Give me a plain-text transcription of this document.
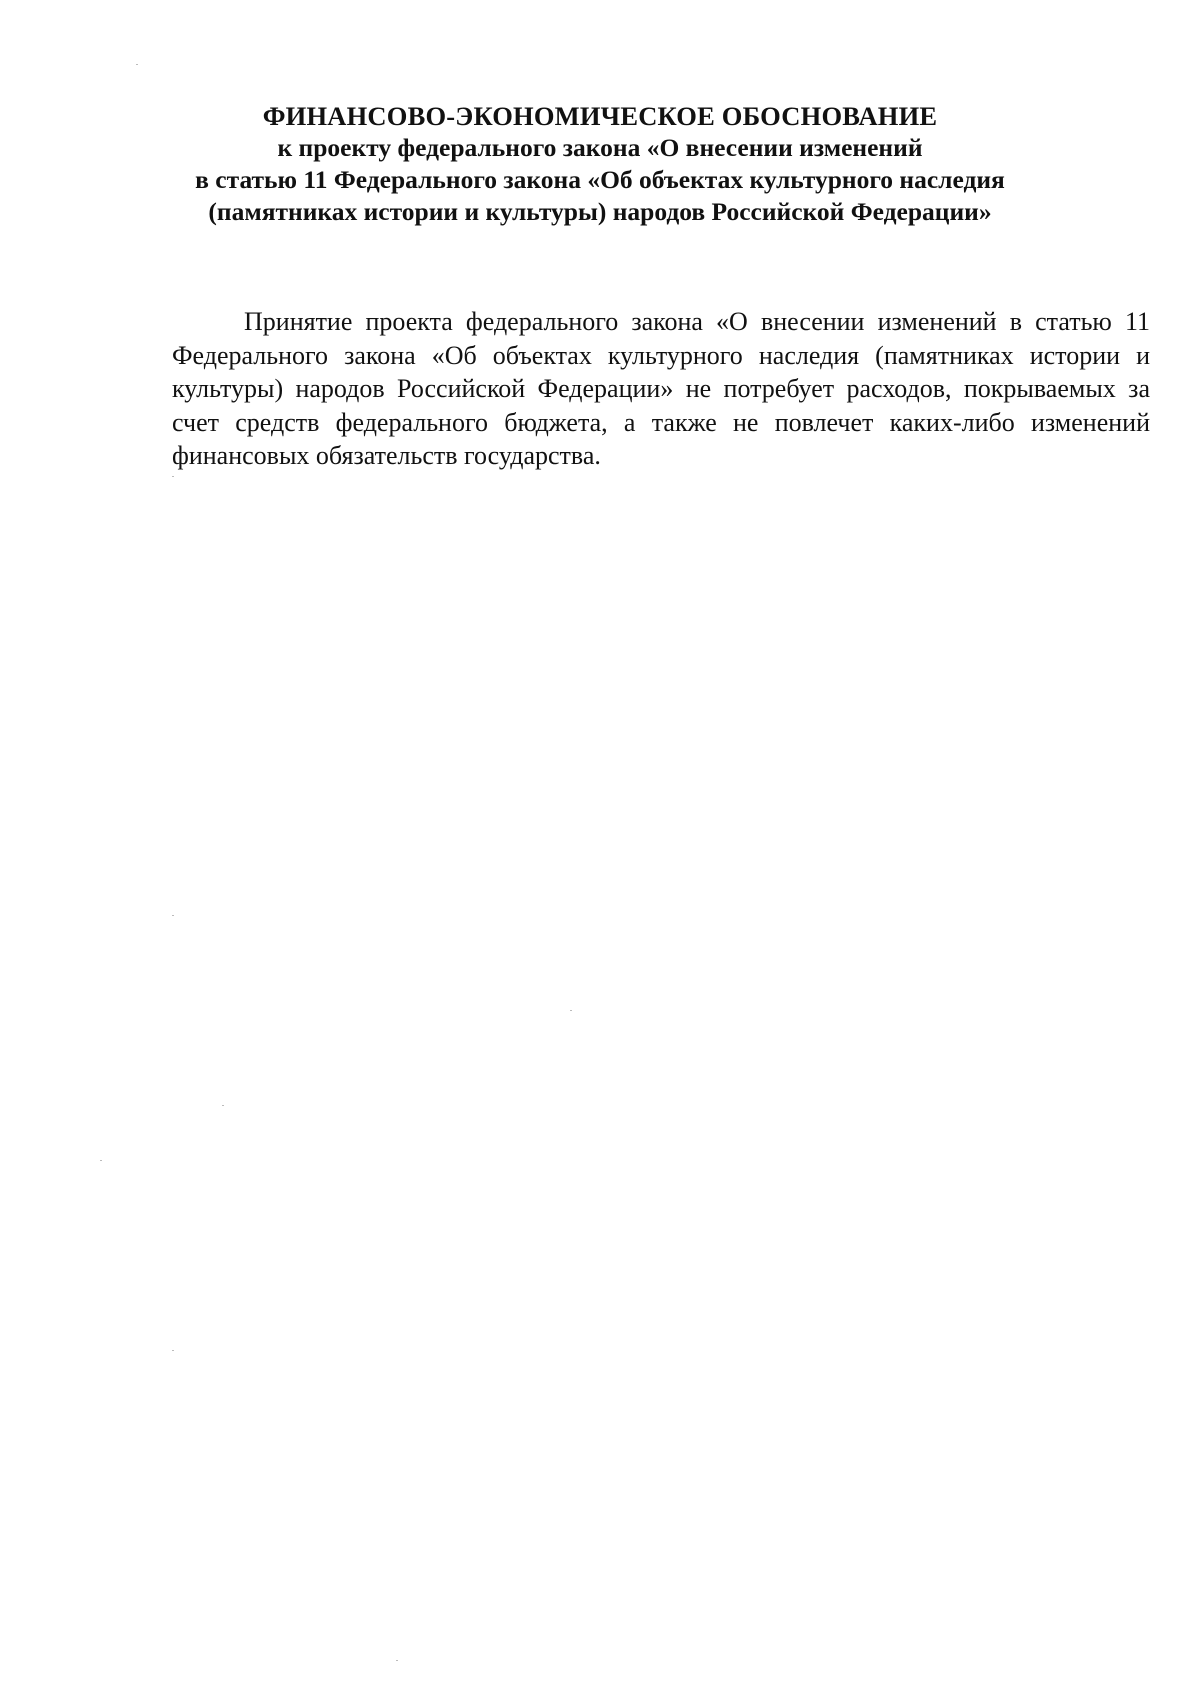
ФИНАНСОВО-ЭКОНОМИЧЕСКОЕ ОБОСНОВАНИЕ
к проекту федерального закона «О внесении изменений
в статью 11 Федерального закона «Об объектах культурного наследия
(памятниках истории и культуры) народов Российской Федерации»

Принятие проекта федерального закона «О внесении изменений в статью 11 Федерального закона «Об объектах культурного наследия (памятниках истории и культуры) народов Российской Федерации» не потребует расходов, покрываемых за счет средств федерального бюджета, а также не повлечет каких-либо изменений финансовых обязательств государства.
